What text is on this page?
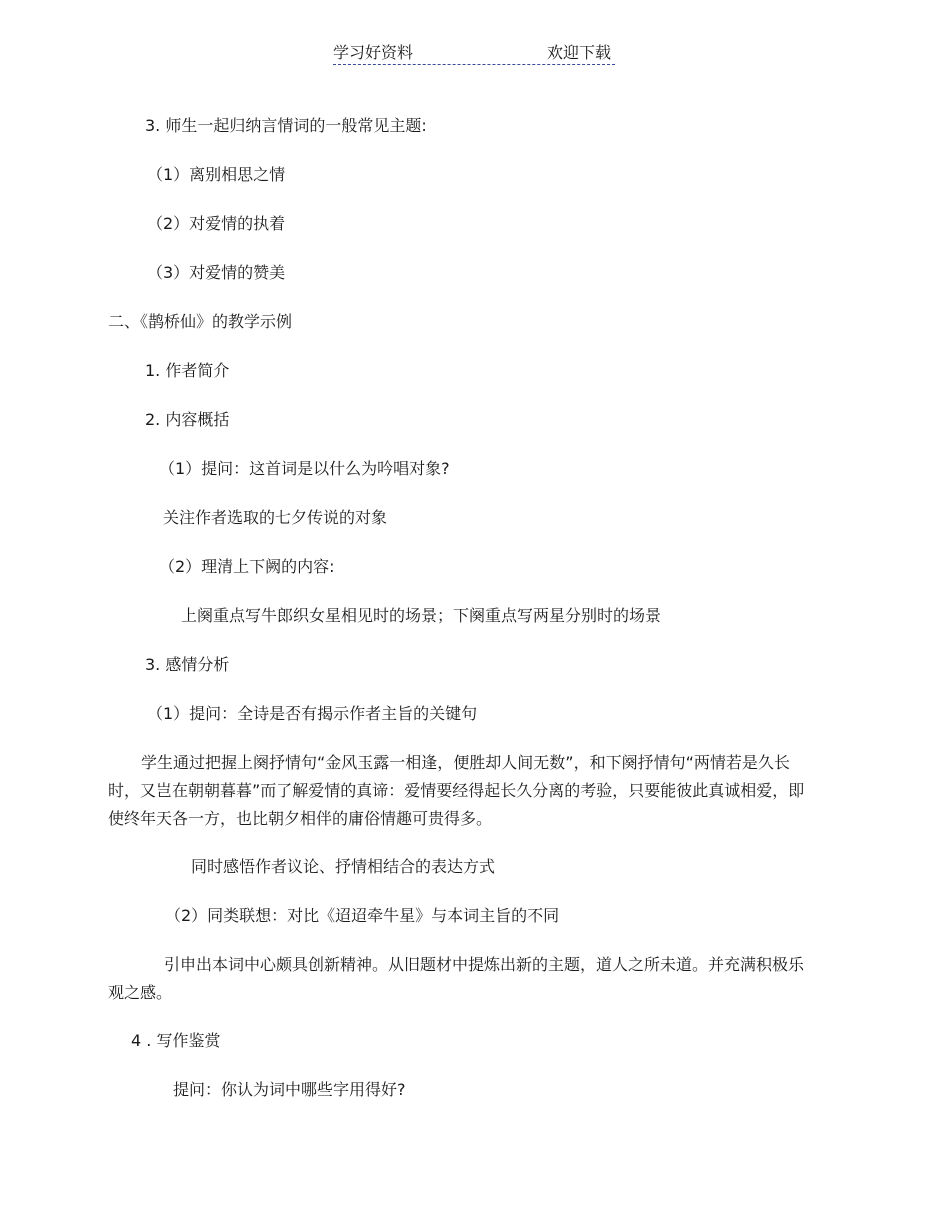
学习好资料	欢迎下载
3. 师生一起归纳言情词的一般常见主题:
（1）离别相思之情
（2）对爱情的执着
（3）对爱情的赞美
二、《鹊桥仙》的教学示例
1. 作者简介
2. 内容概括
（1）提问：这首词是以什么为吟唱对象?
关注作者选取的七夕传说的对象
（2）理清上下阙的内容:
上阕重点写牛郎织女星相见时的场景；下阕重点写两星分别时的场景
3. 感情分析
（1）提问：全诗是否有揭示作者主旨的关键句
学生通过把握上阕抒情句“金风玉露一相逢，便胜却人间无数”，和下阕抒情句“两情若是久长时，又岂在朝朝暮暮”而了解爱情的真谛：爱情要经得起长久分离的考验，只要能彼此真诚相爱，即使终年天各一方，也比朝夕相伴的庸俗情趣可贵得多。
同时感悟作者议论、抒情相结合的表达方式
（2）同类联想：对比《迢迢牵牛星》与本词主旨的不同
引申出本词中心颇具创新精神。从旧题材中提炼出新的主题，道人之所未道。并充满积极乐观之感。
4 . 写作鉴赏
提问：你认为词中哪些字用得好?
